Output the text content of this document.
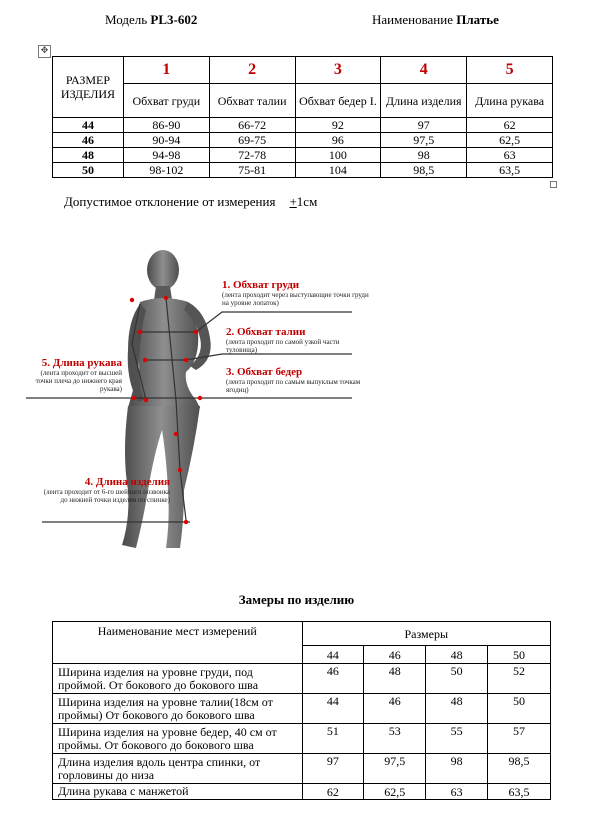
Модель PL3-602	Наименование Платье
✥
РАЗМЕР ИЗДЕЛИЯ	1	2	3	4	5
	Обхват груди	Обхват талии	Обхват бедер I.	Длина изделия	Длина рукава
44	86-90	66-72	92	97	62
46	90-94	69-75	96	97,5	62,5
48	94-98	72-78	100	98	63
50	98-102	75-81	104	98,5	63,5
Допустимое отклонение от измерения +1см
1. Обхват груди
(лента проходит через выступающие точки груди на уровне лопаток)
2. Обхват талии
(лента проходит по самой узкой части туловища)
3. Обхват бедер
(лента проходит по самым выпуклым точкам ягодиц)
4. Длина изделия
(лента проходит от 6-го шейного позвонка до нижней точки изделия по спинке)
5. Длина рукава
(лента проходит от высшей точки плеча до нижнего края рукава)
Замеры по изделию
Наименование мест измерений	Размеры			
	44	46	48	50
Ширина изделия на уровне груди, под проймой. От бокового до бокового шва	46	48	50	52
Ширина изделия на уровне талии(18см от проймы) От бокового до бокового шва	44	46	48	50
Ширина изделия на уровне бедер, 40 см от проймы. От бокового до бокового шва	51	53	55	57
Длина изделия вдоль центра спинки, от горловины до низа	97	97,5	98	98,5
Длина рукава с манжетой	62	62,5	63	63,5
